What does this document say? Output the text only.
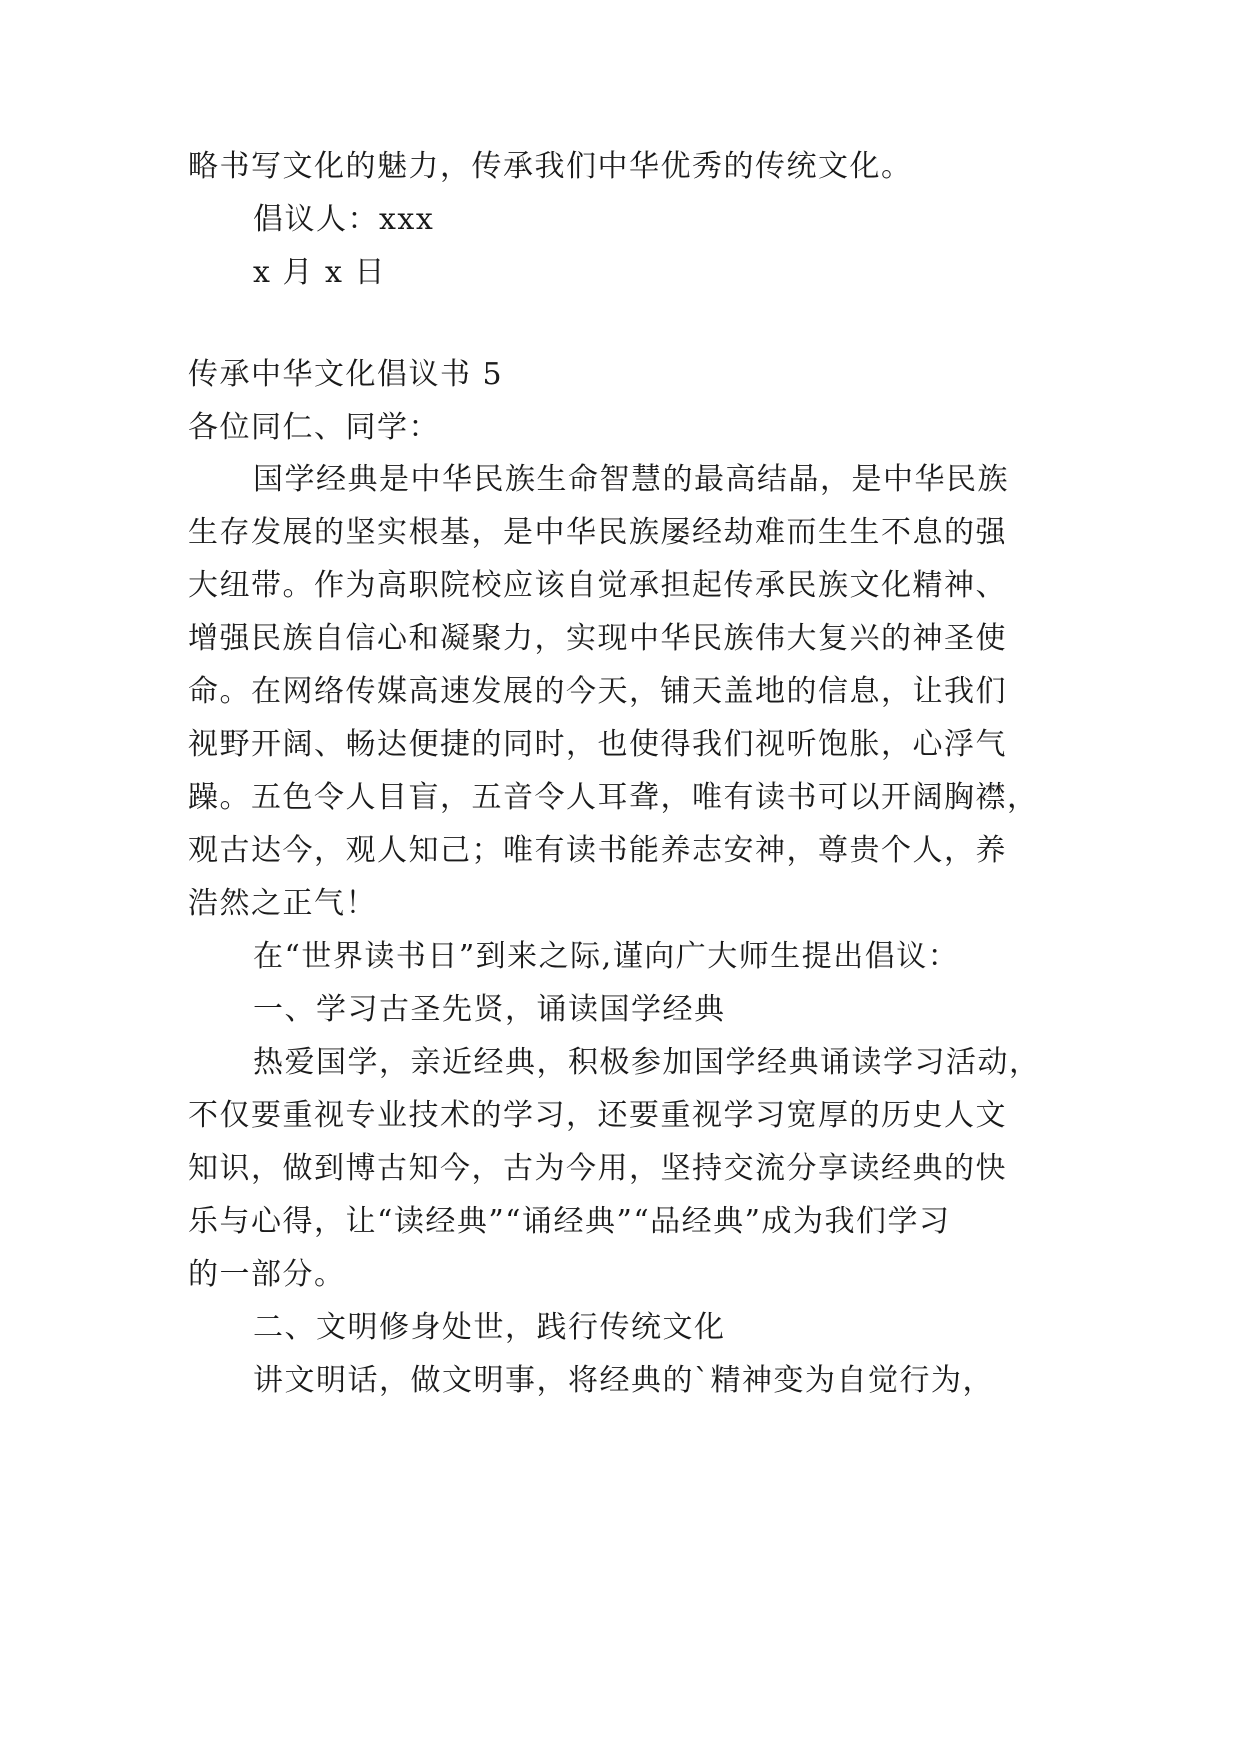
略书写文化的魅力，传承我们中华优秀的传统文化。
倡议人：xxx
x 月 x 日
传承中华文化倡议书 5
各位同仁、同学：
国学经典是中华民族生命智慧的最高结晶，是中华民族
生存发展的坚实根基，是中华民族屡经劫难而生生不息的强
大纽带。作为高职院校应该自觉承担起传承民族文化精神、
增强民族自信心和凝聚力，实现中华民族伟大复兴的神圣使
命。在网络传媒高速发展的今天，铺天盖地的信息，让我们
视野开阔、畅达便捷的同时，也使得我们视听饱胀，心浮气
躁。五色令人目盲，五音令人耳聋，唯有读书可以开阔胸襟，
观古达今，观人知己；唯有读书能养志安神，尊贵个人，养
浩然之正气！
在“世界读书日”到来之际,谨向广大师生提出倡议：
一、学习古圣先贤，诵读国学经典
热爱国学，亲近经典，积极参加国学经典诵读学习活动，
不仅要重视专业技术的学习，还要重视学习宽厚的历史人文
知识，做到博古知今，古为今用，坚持交流分享读经典的快
乐与心得，让“读经典”“诵经典”“品经典”成为我们学习
的一部分。
二、文明修身处世，践行传统文化
讲文明话，做文明事，将经典的`精神变为自觉行为，
